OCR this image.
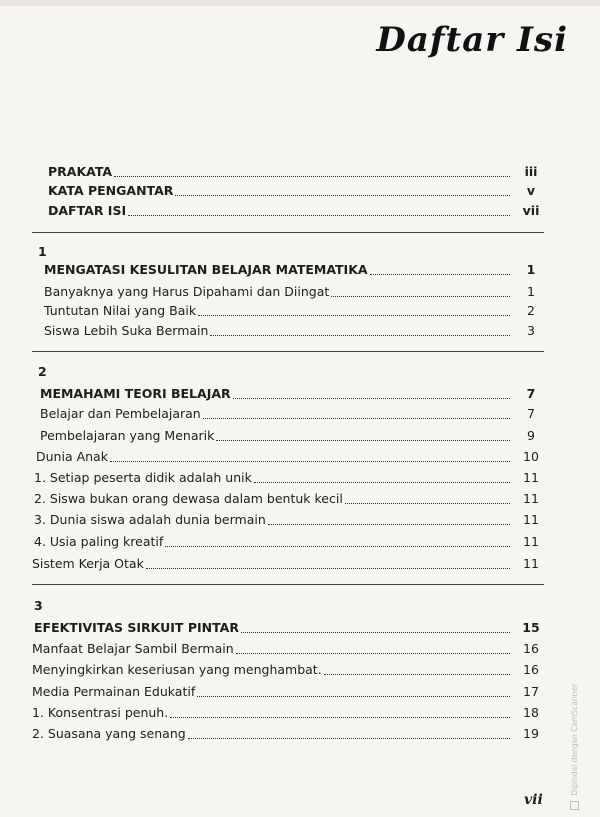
Daftar Isi
PRAKATA	iii
KATA PENGANTAR	v
DAFTAR ISI	vii
1
MENGATASI KESULITAN BELAJAR MATEMATIKA	1
Banyaknya yang Harus Dipahami dan Diingat	1
Tuntutan Nilai yang Baik	2
Siswa Lebih Suka Bermain	3
2
MEMAHAMI TEORI BELAJAR	7
Belajar dan Pembelajaran	7
Pembelajaran yang Menarik	9
Dunia Anak	10
1. Setiap peserta didik adalah unik	11
2. Siswa bukan orang dewasa dalam bentuk kecil	11
3. Dunia siswa adalah dunia bermain	11
4. Usia paling kreatif	11
Sistem Kerja Otak	11
3
EFEKTIVITAS SIRKUIT PINTAR	15
Manfaat Belajar Sambil Bermain	16
Menyingkirkan keseriusan yang menghambat.	16
Media Permainan Edukatif	17
1. Konsentrasi penuh.	18
2. Suasana yang senang	19
vii
Dipindai dengan CamScanner
